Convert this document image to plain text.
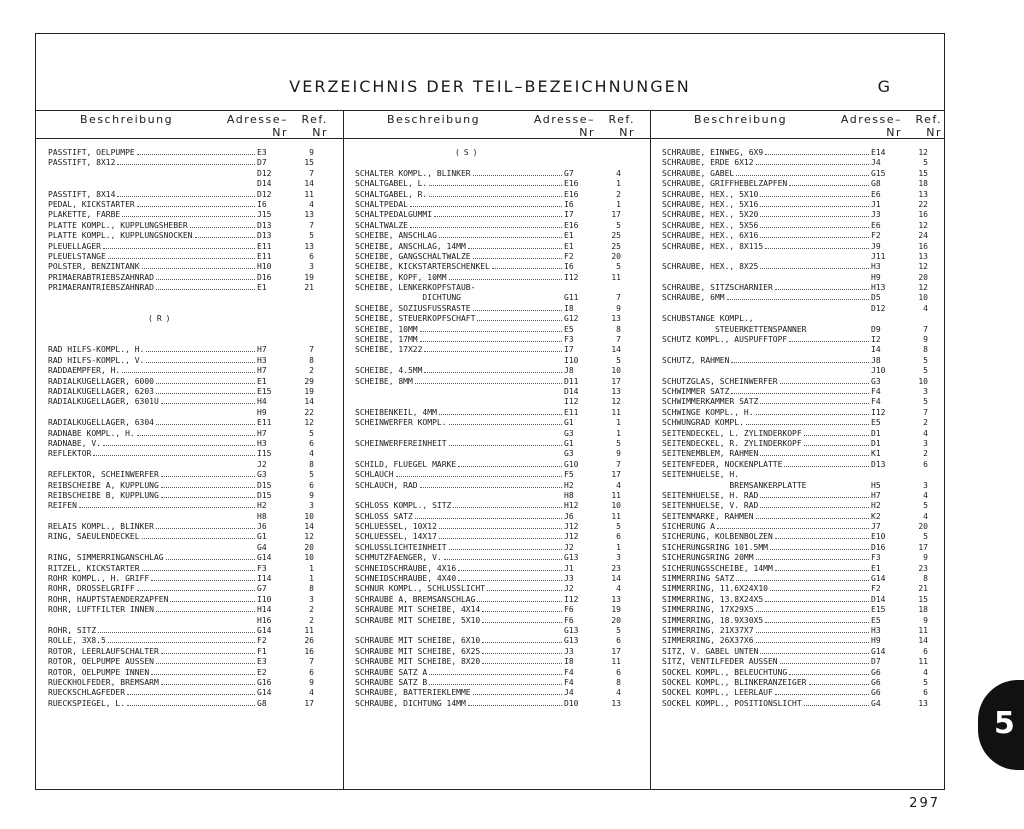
VERZEICHNIS DER TEIL–BEZEICHNUNGEN	G
Beschreibung	Adresse– Nr
Ref. Nr
Beschreibung	Adresse– Nr
Ref. Nr
Beschreibung	Adresse– Nr
Ref. Nr
PASSTIFT, OELPUMPE	E3	9
PASSTIFT, 8X12	D7	15
D12	7
D14	14
PASSTIFT, 8X14	D12	11
PEDAL, KICKSTARTER	I6	4
PLAKETTE, FARBE	J15	13
PLATTE KOMPL., KUPPLUNGSHEBER	D13	7
PLATTE KOMPL., KUPPLUNGSNOCKEN	D13	5
PLEUELLAGER	E11	13
PLEUELSTANGE	E11	6
POLSTER, BENZINTANK	H10	3
PRIMAERABTRIEBSZAHNRAD	D16	19
PRIMAERANTRIEBSZAHNRAD	E1	21
(R)
RAD HILFS-KOMPL., H.	H7	7
RAD HILFS-KOMPL., V.	H3	8
RADDAEMPFER, H.	H7	2
RADIALKUGELLAGER, 6000	E1	29
RADIALKUGELLAGER, 6203	E15	19
RADIALKUGELLAGER, 6301U	H4	14
H9	22
RADIALKUGELLAGER, 6304	E11	12
RADNABE KOMPL., H.	H7	5
RADNABE, V.	H3	6
REFLEKTOR	I15	4
J2	8
REFLEKTOR, SCHEINWERFER	G3	5
REIBSCHEIBE A, KUPPLUNG	D15	6
REIBSCHEIBE B, KUPPLUNG	D15	9
REIFEN	H2	3
H8	10
RELAIS KOMPL., BLINKER	J6	14
RING, SAEULENDECKEL	G1	12
G4	20
RING, SIMMERRINGANSCHLAG	G14	10
RITZEL, KICKSTARTER	F3	1
ROHR KOMPL., H. GRIFF	I14	1
ROHR, DROSSELGRIFF	G7	8
ROHR, HAUPTSTAENDERZAPFEN	I10	3
ROHR, LUFTFILTER INNEN	H14	2
H16	2
ROHR, SITZ	G14	11
ROLLE, 3X8.5	F2	26
ROTOR, LEERLAUFSCHALTER	F1	16
ROTOR, OELPUMPE AUSSEN	E3	7
ROTOR, OELPUMPE INNEN	E2	6
RUECKHOLFEDER, BREMSARM	G16	9
RUECKSCHLAGFEDER	G14	4
RUECKSPIEGEL, L.	G8	17
(S)
SCHALTER KOMPL., BLINKER	G7	4
SCHALTGABEL, L.	E16	1
SCHALTGABEL, R.	E16	2
SCHALTPEDAL	I6	1
SCHALTPEDALGUMMI	I7	17
SCHALTWALZE	E16	5
SCHEIBE, ANSCHLAG	E1	25
SCHEIBE, ANSCHLAG, 14MM	E1	25
SCHEIBE, GANGSCHALTWALZE	F2	20
SCHEIBE, KICKSTARTERSCHENKEL	I6	5
SCHEIBE, KOPF, 10MM	I12	11
SCHEIBE, LENKERKOPFSTAUB-
DICHTUNG	G11	7
SCHEIBE, SOZIUSFUSSRASTE	I8	9
SCHEIBE, STEUERKOPFSCHAFT	G12	13
SCHEIBE, 10MM	E5	8
SCHEIBE, 17MM	F3	7
SCHEIBE, 17X22	I7	14
I10	5
SCHEIBE, 4.5MM	J8	10
SCHEIBE, 8MM	D11	17
D14	13
I12	12
SCHEIBENKEIL, 4MM	E11	11
SCHEINWERFER KOMPL.	G1	1
G3	1
SCHEINWERFEREINHEIT	G1	5
G3	9
SCHILD, FLUEGEL MARKE	G10	7
SCHLAUCH	F5	17
SCHLAUCH, RAD	H2	4
H8	11
SCHLOSS KOMPL., SITZ	H12	10
SCHLOSS SATZ	J6	11
SCHLUESSEL, 10X12	J12	5
SCHLUESSEL, 14X17	J12	6
SCHLUSSLICHTEINHEIT	J2	1
SCHMUTZFAENGER, V.	G13	3
SCHNEIDSCHRAUBE, 4X16	J1	23
SCHNEIDSCHRAUBE, 4X40	J3	14
SCHNUR KOMPL., SCHLUSSLICHT	J2	4
SCHRAUBE A, BREMSANSCHLAG	I12	13
SCHRAUBE MIT SCHEIBE, 4X14	F6	19
SCHRAUBE MIT SCHEIBE, 5X10	F6	20
G13	5
SCHRAUBE MIT SCHEIBE, 6X10	G13	6
SCHRAUBE MIT SCHEIBE, 6X25	J3	17
SCHRAUBE MIT SCHEIBE, 8X20	I8	11
SCHRAUBE SATZ A	F4	6
SCHRAUBE SATZ B	F4	8
SCHRAUBE, BATTERIEKLEMME	J4	4
SCHRAUBE, DICHTUNG 14MM	D10	13
SCHRAUBE, EINWEG, 6X9	E14	12
SCHRAUBE, ERDE 6X12	J4	5
SCHRAUBE, GABEL	G15	15
SCHRAUBE, GRIFFHEBELZAPFEN	G8	18
SCHRAUBE, HEX., 5X10	E6	13
SCHRAUBE, HEX., 5X16	J1	22
SCHRAUBE, HEX., 5X20	J3	16
SCHRAUBE, HEX., 5X56	E6	12
SCHRAUBE, HEX., 6X16	F2	24
SCHRAUBE, HEX., 8X115	J9	16
J11	13
SCHRAUBE, HEX., 8X25	H3	12
H9	20
SCHRAUBE, SITZSCHARNIER	H13	12
SCHRAUBE, 6MM	D5	10
D12	4
SCHUBSTANGE KOMPL.,
STEUERKETTENSPANNER	D9	7
SCHUTZ KOMPL., AUSPUFFTOPF	I2	9
I4	8
SCHUTZ, RAHMEN	J8	5
J10	5
SCHUTZGLAS, SCHEINWERFER	G3	10
SCHWIMMER SATZ	F4	3
SCHWIMMERKAMMER SATZ	F4	5
SCHWINGE KOMPL., H.	I12	7
SCHWUNGRAD KOMPL.	E5	2
SEITENDECKEL, L. ZYLINDERKOPF	D1	4
SEITENDECKEL, R. ZYLINDERKOPF	D1	3
SEITENEMBLEM, RAHMEN	K1	2
SEITENFEDER, NOCKENPLATTE	D13	6
SEITENHUELSE, H.
BREMSANKERPLATTE	H5	3
SEITENHUELSE, H. RAD	H7	4
SEITENHUELSE, V. RAD	H2	5
SEITENMARKE, RAHMEN	K2	4
SICHERUNG A	J7	20
SICHERUNG, KOLBENBOLZEN	E10	5
SICHERUNGSRING 101.5MM	D16	17
SICHERUNGSRING 20MM	F3	9
SICHERUNGSSCHEIBE, 14MM	E1	23
SIMMERRING SATZ	G14	8
SIMMERRING, 11.6X24X10	F2	21
SIMMERRING, 13.8X24X5	D14	15
SIMMERRING, 17X29X5	E15	18
SIMMERRING, 18.9X30X5	E5	9
SIMMERRING, 21X37X7	H3	11
SIMMERRING, 26X37X6	H9	14
SITZ, V. GABEL UNTEN	G14	6
SITZ, VENTILFEDER AUSSEN	D7	11
SOCKEL KOMPL., BELEUCHTUNG	G6	4
SOCKEL KOMPL., BLINKERANZEIGER	G6	5
SOCKEL KOMPL., LEERLAUF	G6	6
SOCKEL KOMPL., POSITIONSLICHT	G4	13
5
297
